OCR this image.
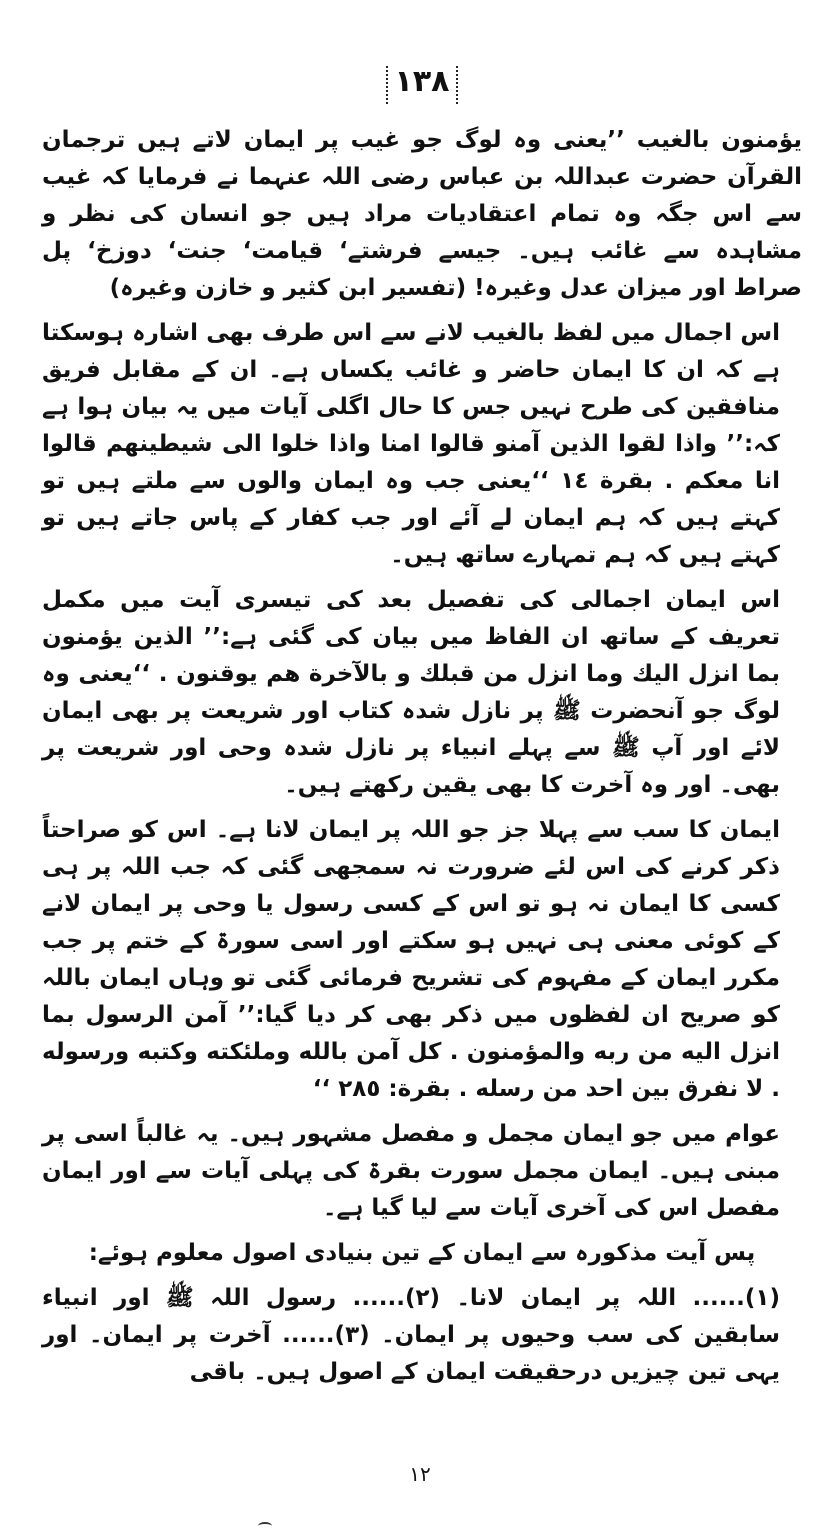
١٣٨

يؤمنون بالغيب ’’یعنی وہ لوگ جو غیب پر ایمان لاتے ہیں ترجمان القرآن حضرت عبداللہ بن عباس رضی اللہ عنہما نے فرمایا کہ غیب سے اس جگہ وہ تمام اعتقادیات مراد ہیں جو انسان کی نظر و مشاہدہ سے غائب ہیں۔ جیسے فرشتے‘ قیامت‘ جنت‘ دوزخ‘ پل صراط اور میزان عدل وغیرہ! (تفسیر ابن کثیر و خازن وغیرہ)

اس اجمال میں لفظ بالغیب لانے سے اس طرف بھی اشارہ ہوسکتا ہے کہ ان کا ایمان حاضر و غائب یکساں ہے۔ ان کے مقابل فریق منافقین کی طرح نہیں جس کا حال اگلی آیات میں یہ بیان ہوا ہے کہ:’’ واذا لقوا الذين آمنو قالوا امنا واذا خلوا الى شيطينهم قالوا انا معكم . بقرة ١٤ ‘‘یعنی جب وہ ایمان والوں سے ملتے ہیں تو کہتے ہیں کہ ہم ایمان لے آئے اور جب کفار کے پاس جاتے ہیں تو کہتے ہیں کہ ہم تمہارے ساتھ ہیں۔

اس ایمان اجمالی کی تفصیل بعد کی تیسری آیت میں مکمل تعریف کے ساتھ ان الفاظ میں بیان کی گئی ہے:’’ الذين يؤمنون بما انزل اليك وما انزل من قبلك و بالآخرة هم يوقنون . ‘‘یعنی وہ لوگ جو آنحضرت ﷺ پر نازل شدہ کتاب اور شریعت پر بھی ایمان لائے اور آپ ﷺ سے پہلے انبیاء پر نازل شدہ وحی اور شریعت پر بھی۔ اور وہ آخرت کا بھی یقین رکھتے ہیں۔

ایمان کا سب سے پہلا جز جو اللہ پر ایمان لانا ہے۔ اس کو صراحتاً ذکر کرنے کی اس لئے ضرورت نہ سمجھی گئی کہ جب اللہ پر ہی کسی کا ایمان نہ ہو تو اس کے کسی رسول یا وحی پر ایمان لانے کے کوئی معنی ہی نہیں ہو سکتے اور اسی سورۃ کے ختم پر جب مکرر ایمان کے مفہوم کی تشریح فرمائی گئی تو وہاں ایمان باللہ کو صریح ان لفظوں میں ذکر بھی کر دیا گیا:’’ آمن الرسول بما انزل اليه من ربه والمؤمنون . كل آمن بالله وملئكته وكتبه ورسوله . لا نفرق بين احد من رسله . بقرة: ٢٨٥ ‘‘

عوام میں جو ایمان مجمل و مفصل مشہور ہیں۔ یہ غالباً اسی پر مبنی ہیں۔ ایمان مجمل سورت بقرۃ کی پہلی آیات سے اور ایمان مفصل اس کی آخری آیات سے لیا گیا ہے۔

پس آیت مذکورہ سے ایمان کے تین بنیادی اصول معلوم ہوئے:

(١)...... اللہ پر ایمان لانا۔ (٢)...... رسول اللہ ﷺ اور انبیاء سابقین کی سب وحیوں پر ایمان۔ (٣)...... آخرت پر ایمان۔ اور یہی تین چیزیں درحقیقت ایمان کے اصول ہیں۔ باقی

١٢
